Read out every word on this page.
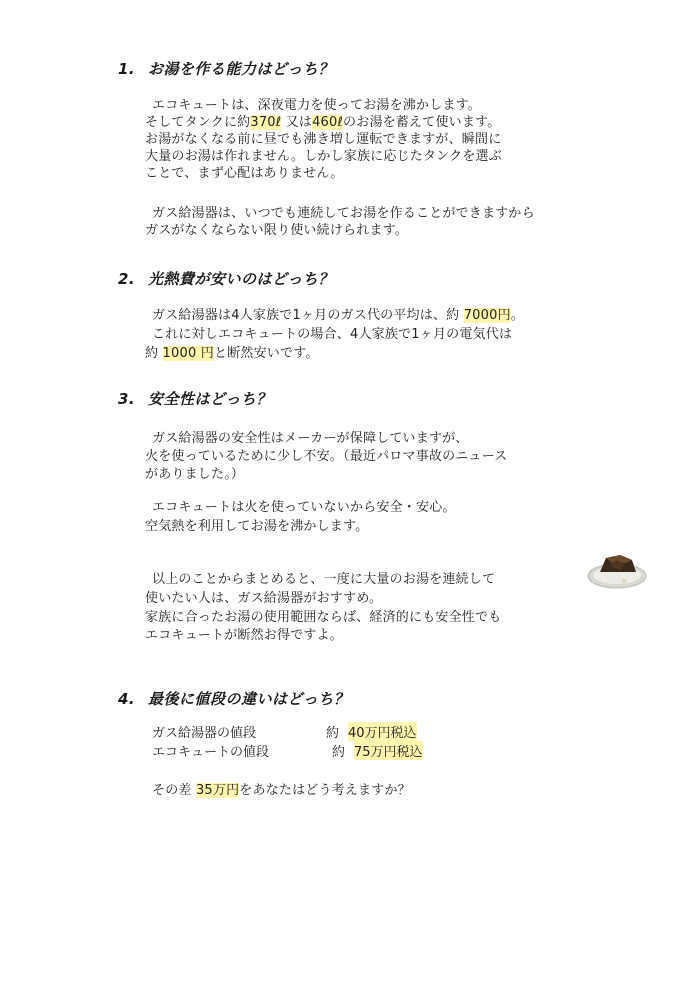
1. お湯を作る能力はどっち？
エコキュートは、深夜電力を使ってお湯を沸かします。
そしてタンクに約370ℓ 又は460ℓのお湯を蓄えて使います。
お湯がなくなる前に昼でも沸き増し運転できますが、瞬間に
大量のお湯は作れません。しかし家族に応じたタンクを選ぶ
ことで、まず心配はありません。
ガス給湯器は、いつでも連続してお湯を作ることができますから
ガスがなくならない限り使い続けられます。
2. 光熱費が安いのはどっち？
ガス給湯器は4人家族で1ヶ月のガス代の平均は、約 7000円。
これに対しエコキュートの場合、4人家族で1ヶ月の電気代は
約 1000 円と断然安いです。
3. 安全性はどっち？
ガス給湯器の安全性はメーカーが保障していますが、
火を使っているために少し不安。（最近パロマ事故のニュース
がありました。）
エコキュートは火を使っていないから安全・安心。
空気熱を利用してお湯を沸かします。
以上のことからまとめると、一度に大量のお湯を連続して
使いたい人は、ガス給湯器がおすすめ。
家族に合ったお湯の使用範囲ならば、経済的にも安全性でも
エコキュートが断然お得ですよ。
4. 最後に値段の違いはどっち？
ガス給湯器の値段	約 40万円税込
エコキュートの値段	約 75万円税込
その差 35万円をあなたはどう考えますか？
